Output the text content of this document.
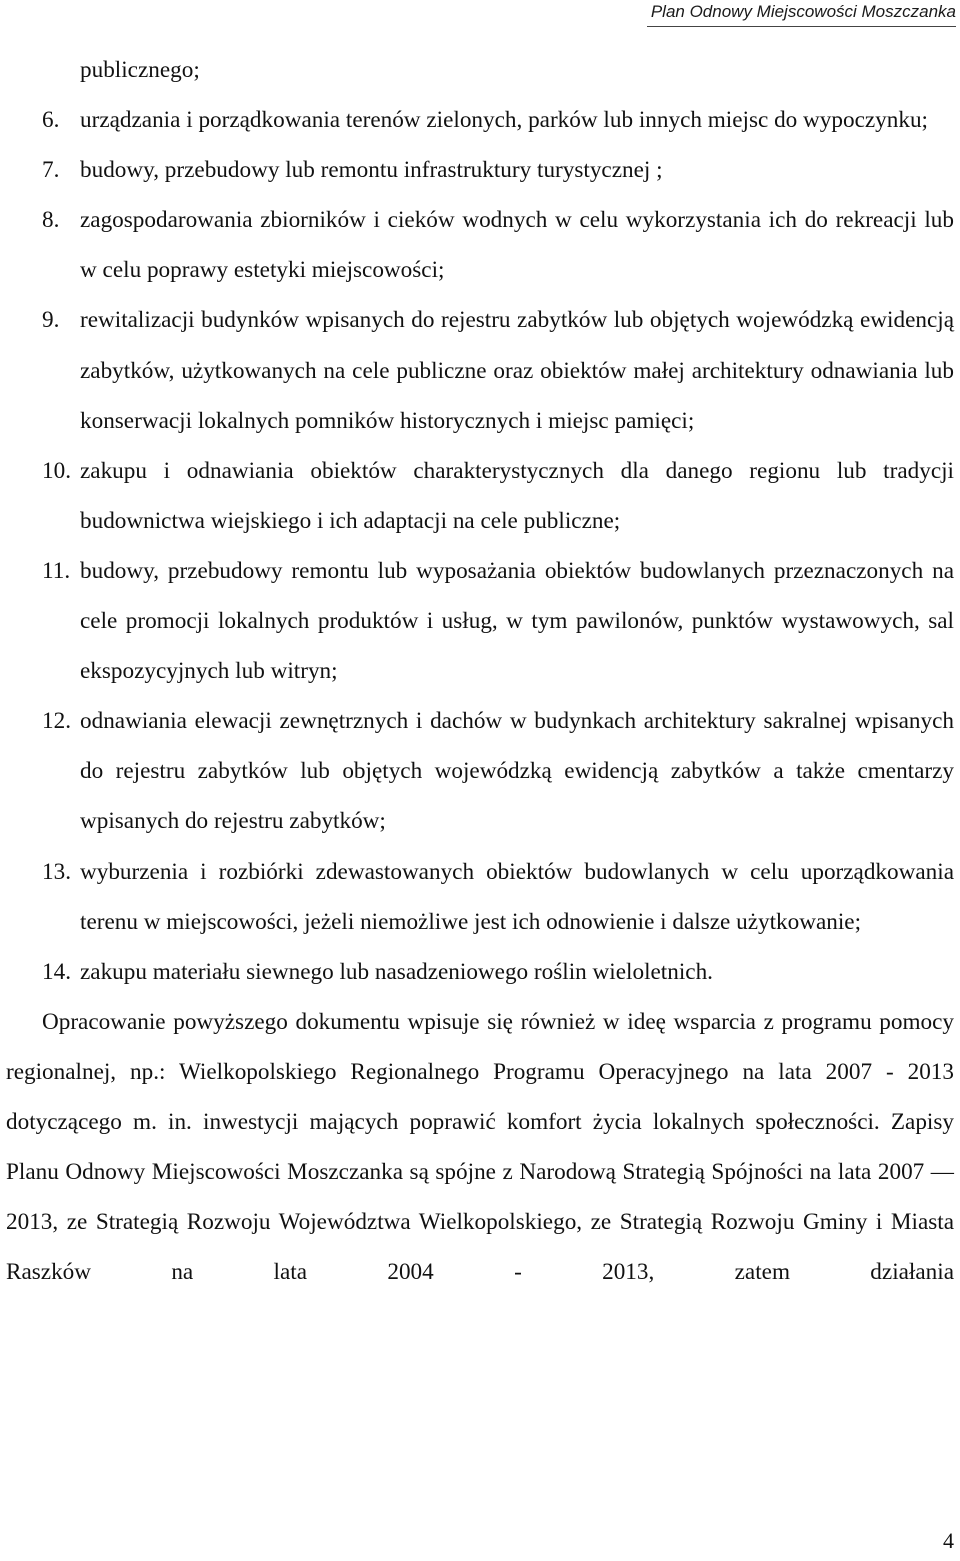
Plan Odnowy Miejscowości Moszczanka
publicznego;
6. urządzania i porządkowania terenów zielonych, parków lub innych miejsc do wypoczynku;
7. budowy, przebudowy lub remontu infrastruktury turystycznej ;
8. zagospodarowania zbiorników i cieków wodnych w celu wykorzystania ich do rekreacji lub w celu poprawy estetyki miejscowości;
9. rewitalizacji budynków wpisanych do rejestru zabytków lub objętych wojewódzką ewidencją zabytków, użytkowanych na cele publiczne oraz obiektów małej architektury odnawiania lub konserwacji lokalnych pomników historycznych i miejsc pamięci;
10. zakupu i odnawiania obiektów charakterystycznych dla danego regionu lub tradycji budownictwa wiejskiego i ich adaptacji na cele publiczne;
11. budowy, przebudowy remontu lub wyposażania obiektów budowlanych przeznaczonych na cele promocji lokalnych produktów i usług, w tym pawilonów, punktów wystawowych, sal ekspozycyjnych lub witryn;
12. odnawiania elewacji zewnętrznych i dachów w budynkach architektury sakralnej wpisanych do rejestru zabytków lub objętych wojewódzką ewidencją zabytków a także cmentarzy wpisanych do rejestru zabytków;
13. wyburzenia i rozbiórki zdewastowanych obiektów budowlanych w celu uporządkowania terenu w miejscowości, jeżeli niemożliwe jest ich odnowienie i dalsze użytkowanie;
14. zakupu materiału siewnego lub nasadzeniowego roślin wieloletnich.

Opracowanie powyższego dokumentu wpisuje się również w ideę wsparcia z programu pomocy regionalnej, np.: Wielkopolskiego Regionalnego Programu Operacyjnego na lata 2007 - 2013 dotyczącego m. in. inwestycji mających poprawić komfort życia lokalnych społeczności. Zapisy Planu Odnowy Miejscowości Moszczanka są spójne z Narodową Strategią Spójności na lata 2007 — 2013, ze Strategią Rozwoju Województwa Wielkopolskiego, ze Strategią Rozwoju Gminy i Miasta Raszków na lata 2004 - 2013, zatem działania

4
